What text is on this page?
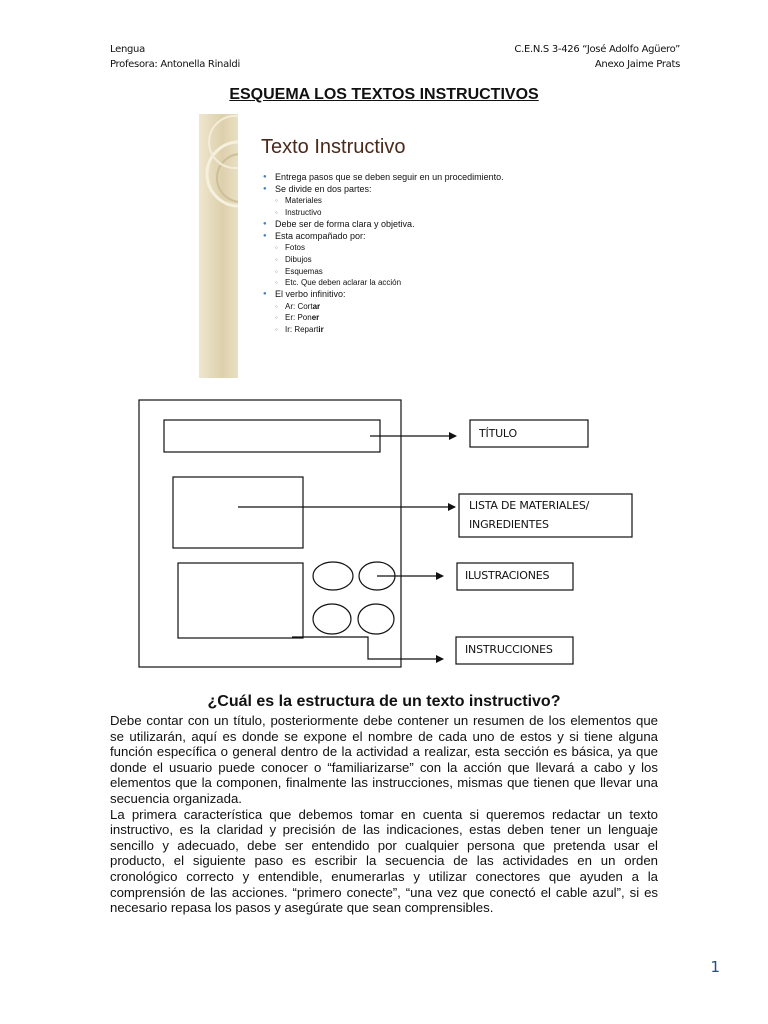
Lengua
Profesora: Antonella Rinaldi
C.E.N.S 3-426 “José Adolfo Agüero”
Anexo Jaime Prats
ESQUEMA LOS TEXTOS INSTRUCTIVOS
Texto Instructivo
● Entrega pasos que se deben seguir en un procedimiento.
● Se divide en dos partes:
◦ Materiales
◦ Instructivo
● Debe ser de forma clara y objetiva.
● Esta acompañado por:
◦ Fotos
◦ Dibujos
◦ Esquemas
◦ Etc. Que deben aclarar la acción
● El verbo infinitivo:
◦ Ar: Cortar
◦ Er: Poner
◦ Ir: Repartir
TÍTULO
LISTA DE MATERIALES/
INGREDIENTES
ILUSTRACIONES
INSTRUCCIONES
¿Cuál es la estructura de un texto instructivo?

Debe contar con un título, posteriormente debe contener un resumen de los elementos que se utilizarán, aquí es donde se expone el nombre de cada uno de estos y si tiene alguna función específica o general dentro de la actividad a realizar, esta sección es básica, ya que donde el usuario puede conocer o “familiarizarse” con la acción que llevará a cabo y los elementos que la componen, finalmente las instrucciones, mismas que tienen que llevar una secuencia organizada.

La primera característica que debemos tomar en cuenta si queremos redactar un texto instructivo, es la claridad y precisión de las indicaciones, estas deben tener un lenguaje sencillo y adecuado, debe ser entendido por cualquier persona que pretenda usar el producto, el siguiente paso es escribir la secuencia de las actividades en un orden cronológico correcto y entendible, enumerarlas y utilizar conectores que ayuden a la comprensión de las acciones. “primero conecte”, “una vez que conectó el cable azul”, si es necesario repasa los pasos y asegúrate que sean comprensibles.

1
